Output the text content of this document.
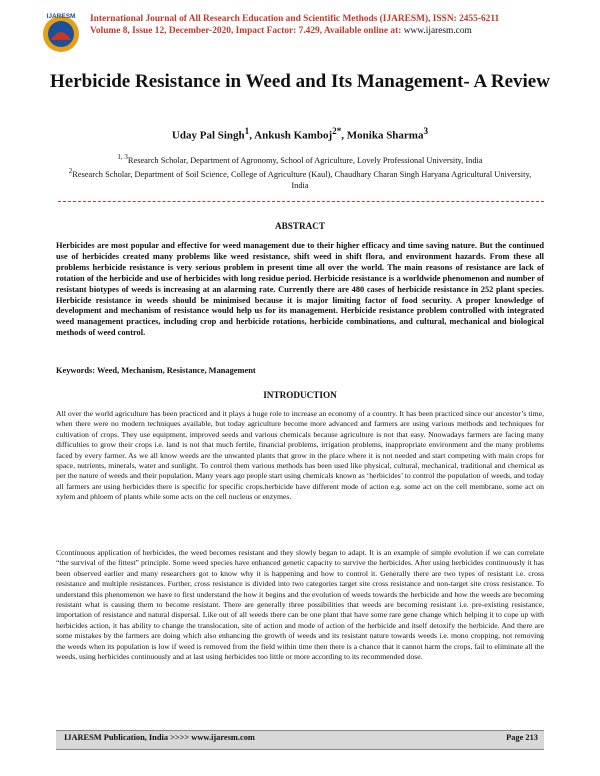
IJARESM International Journal of All Research Education and Scientific Methods (IJARESM), ISSN: 2455-6211
Volume 8, Issue 12, December-2020, Impact Factor: 7.429, Available online at: www.ijaresm.com
Herbicide Resistance in Weed and Its Management- A Review
Uday Pal Singh$^1$, Ankush Kamboj$^{2*}$, Monika Sharma$^3$
$^{1, 3}$Research Scholar, Department of Agronomy, School of Agriculture, Lovely Professional University, India
$^2$Research Scholar, Department of Soil Science, College of Agriculture (Kaul), Chaudhary Charan Singh Haryana Agricultural University, India
ABSTRACT
Herbicides are most popular and effective for weed management due to their higher efficacy and time saving nature. But the continued use of herbicides created many problems like weed resistance, shift weed in shift flora, and environment hazards. From these all problems herbicide resistance is very serious problem in present time all over the world. The main reasons of resistance are lack of rotation of the herbicide and use of herbicides with long residue period. Herbicide resistance is a worldwide phenomenon and number of resistant biotypes of weeds is increasing at an alarming rate. Currently there are 480 cases of herbicide resistance in 252 plant species. Herbicide resistance in weeds should be minimised because it is major limiting factor of food security. A proper knowledge of development and mechanism of resistance would help us for its management. Herbicide resistance problem controlled with integrated weed management practices, including crop and herbicide rotations, herbicide combinations, and cultural, mechanical and biological methods of weed control.
Keywords: Weed, Mechanism, Resistance, Management
INTRODUCTION
All over the world agriculture has been practiced and it plays a huge role to increase an economy of a country. It has been practiced since our ancestor’s time, when there were no modern techniques available, but today agriculture become more advanced and farmers are using various methods and techniques for cultivation of crops. They use equipment, improved seeds and various chemicals because agriculture is not that easy. Nnowadays farmers are facing many difficulties to grow their crops i.e. land is not that much fertile, financial problems, irrigation problems, inappropriate environment and the many problems faced by every farmer. As we all know weeds are the unwanted plants that grow in the place where it is not needed and start competing with main crops for space, nutrients, minerals, water and sunlight. To control them various methods has been used like physical, cultural, mechanical, traditional and chemical as per the nature of weeds and their population. Many years ago people start using chemicals known as ‘herbicides’ to control the population of weeds, and today all farmers are using herbicides there is specific for specific crops.herbicide have different mode of action e.g. some act on the cell membrane, some act on xylem and phloem of plants while some acts on the cell nucleus or enzymes.
Ccontinuous application of herbicides, the weed becomes resistant and they slowly began to adapt. It is an example of simple evolution if we can correlate “the survival of the fittest” principle. Some weed species have enhanced genetic capacity to survive the herbicides. After using herbicides continuously it has been observed earlier and many researchers got to know why it is happening and how to control it. Generally there are two types of resistant i.e. cross resistance and multiple resistances. Further, cross resistance is divided into two categories target site cross resistance and non-target site cross resistance. To understand this phenomenon we have to first understand the how it begins and the evolution of weeds towards the herbicide and how the weeds are becoming resistant what is causing them to become resistant. There are generally three possibilities that weeds are becoming resistant i.e. pre-existing resistance, importation of resistance and natural dispersal. Like out of all weeds there can be one plant that have some rare gene change which helping it to cope up with herbicides action, it has ability to change the translocation, site of action and mode of action of the herbicide and itself detoxify the herbicide. And there are some mistakes by the farmers are doing which also enhancing the growth of weeds and its resistant nature towards weeds i.e. mono cropping, not removing the weeds when its population is low if weed is removed from the field within time then there is a chance that it cannot harm the crops, fail to eliminate all the weeds, using herbicides continuously and at last using herbicides too little or more according to its recommended dose.
IJARESM Publication, India >>>> www.ijaresm.com	Page 213
